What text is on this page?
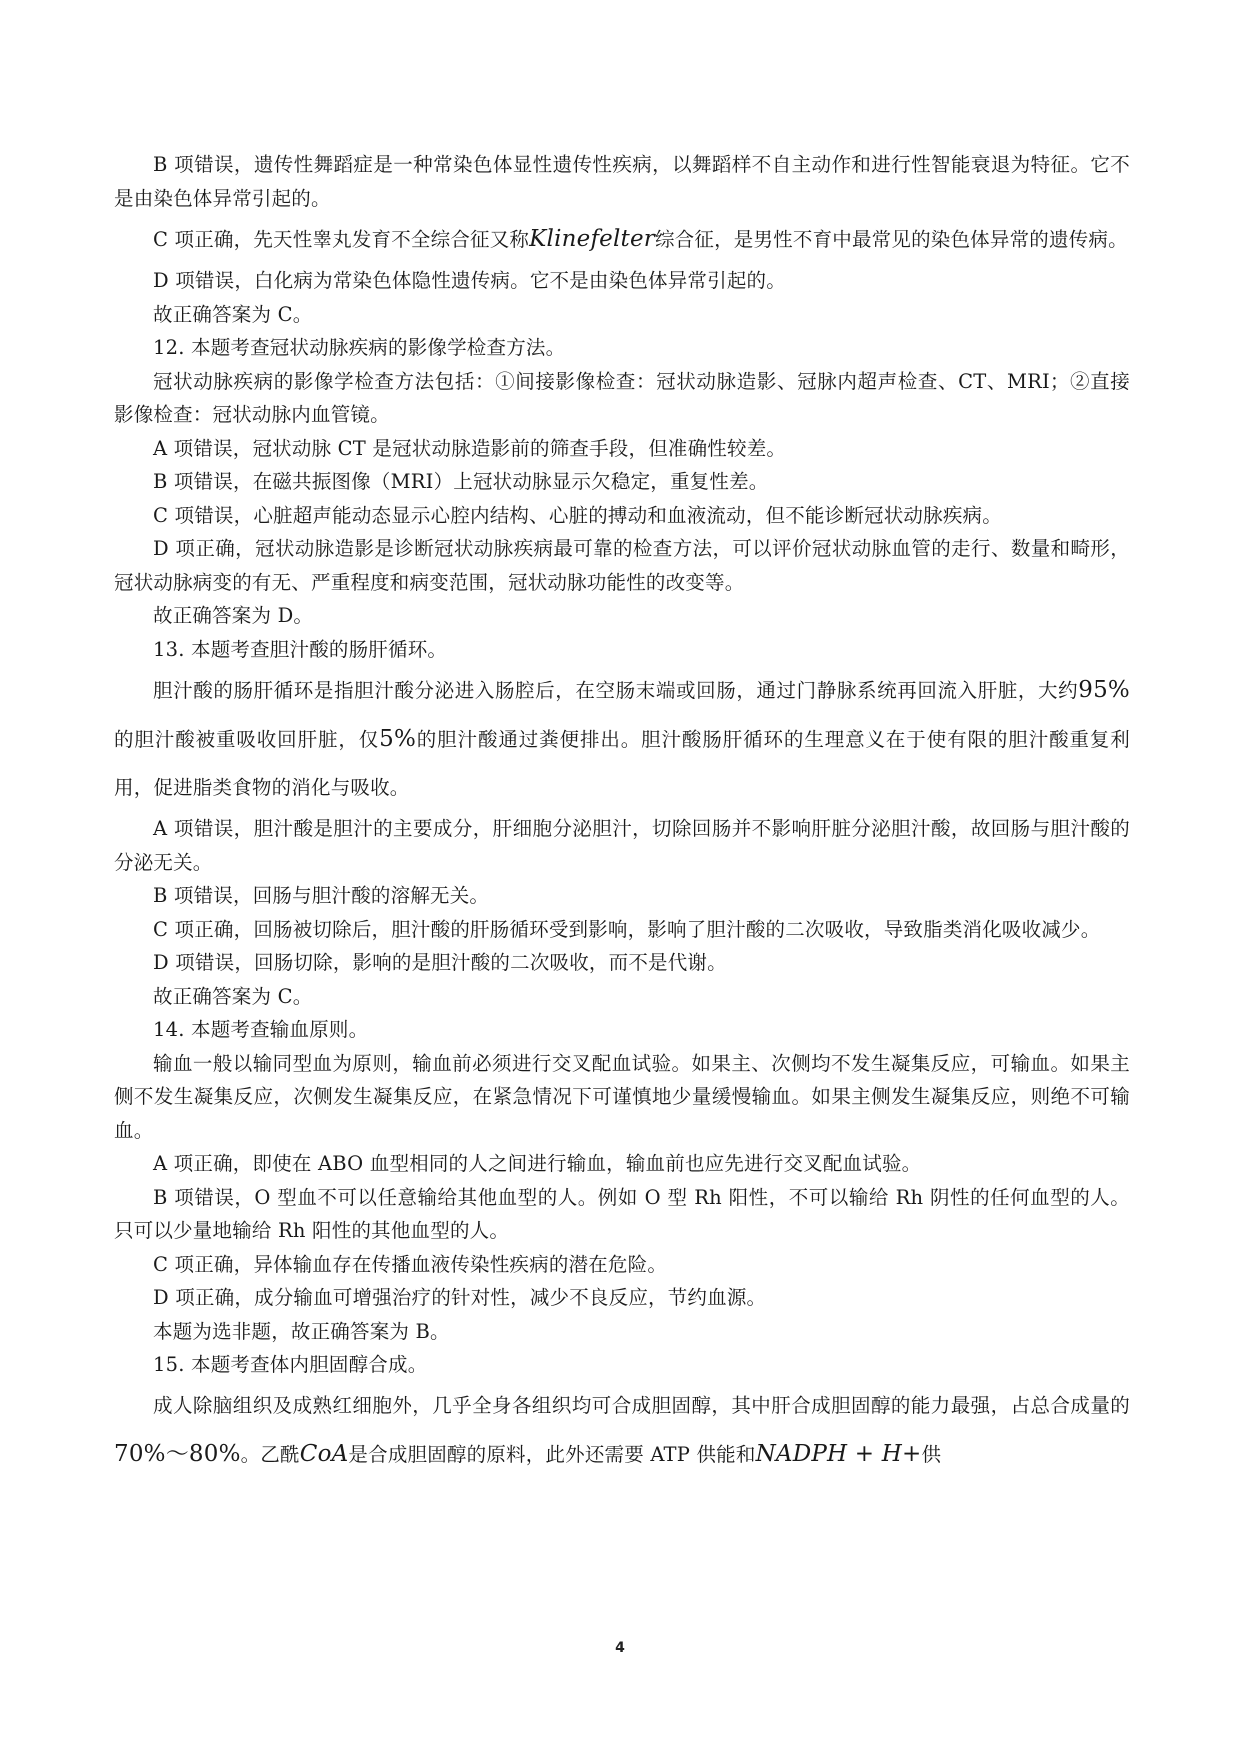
B 项错误，遗传性舞蹈症是一种常染色体显性遗传性疾病，以舞蹈样不自主动作和进行性智能衰退为特征。它不是由染色体异常引起的。

C 项正确，先天性睾丸发育不全综合征又称Klinefelter综合征，是男性不育中最常见的染色体异常的遗传病。

D 项错误，白化病为常染色体隐性遗传病。它不是由染色体异常引起的。

故正确答案为 C。

12. 本题考查冠状动脉疾病的影像学检查方法。

冠状动脉疾病的影像学检查方法包括：①间接影像检查：冠状动脉造影、冠脉内超声检查、CT、MRI；②直接影像检查：冠状动脉内血管镜。

A 项错误，冠状动脉 CT 是冠状动脉造影前的筛查手段，但准确性较差。

B 项错误，在磁共振图像（MRI）上冠状动脉显示欠稳定，重复性差。

C 项错误，心脏超声能动态显示心腔内结构、心脏的搏动和血液流动，但不能诊断冠状动脉疾病。

D 项正确，冠状动脉造影是诊断冠状动脉疾病最可靠的检查方法，可以评价冠状动脉血管的走行、数量和畸形，冠状动脉病变的有无、严重程度和病变范围，冠状动脉功能性的改变等。

故正确答案为 D。

13. 本题考查胆汁酸的肠肝循环。

胆汁酸的肠肝循环是指胆汁酸分泌进入肠腔后，在空肠末端或回肠，通过门静脉系统再回流入肝脏，大约95%的胆汁酸被重吸收回肝脏，仅5%的胆汁酸通过粪便排出。胆汁酸肠肝循环的生理意义在于使有限的胆汁酸重复利用，促进脂类食物的消化与吸收。

A 项错误，胆汁酸是胆汁的主要成分，肝细胞分泌胆汁，切除回肠并不影响肝脏分泌胆汁酸，故回肠与胆汁酸的分泌无关。

B 项错误，回肠与胆汁酸的溶解无关。

C 项正确，回肠被切除后，胆汁酸的肝肠循环受到影响，影响了胆汁酸的二次吸收，导致脂类消化吸收减少。

D 项错误，回肠切除，影响的是胆汁酸的二次吸收，而不是代谢。

故正确答案为 C。

14. 本题考查输血原则。

输血一般以输同型血为原则，输血前必须进行交叉配血试验。如果主、次侧均不发生凝集反应，可输血。如果主侧不发生凝集反应，次侧发生凝集反应，在紧急情况下可谨慎地少量缓慢输血。如果主侧发生凝集反应，则绝不可输血。

A 项正确，即使在 ABO 血型相同的人之间进行输血，输血前也应先进行交叉配血试验。

B 项错误，O 型血不可以任意输给其他血型的人。例如 O 型 Rh 阳性，不可以输给 Rh 阴性的任何血型的人。只可以少量地输给 Rh 阳性的其他血型的人。

C 项正确，异体输血存在传播血液传染性疾病的潜在危险。

D 项正确，成分输血可增强治疗的针对性，减少不良反应，节约血源。

本题为选非题，故正确答案为 B。

15. 本题考查体内胆固醇合成。

成人除脑组织及成熟红细胞外，几乎全身各组织均可合成胆固醇，其中肝合成胆固醇的能力最强，占总合成量的70%～80%。乙酰CoA是合成胆固醇的原料，此外还需要 ATP 供能和NADPH + H+供

4
